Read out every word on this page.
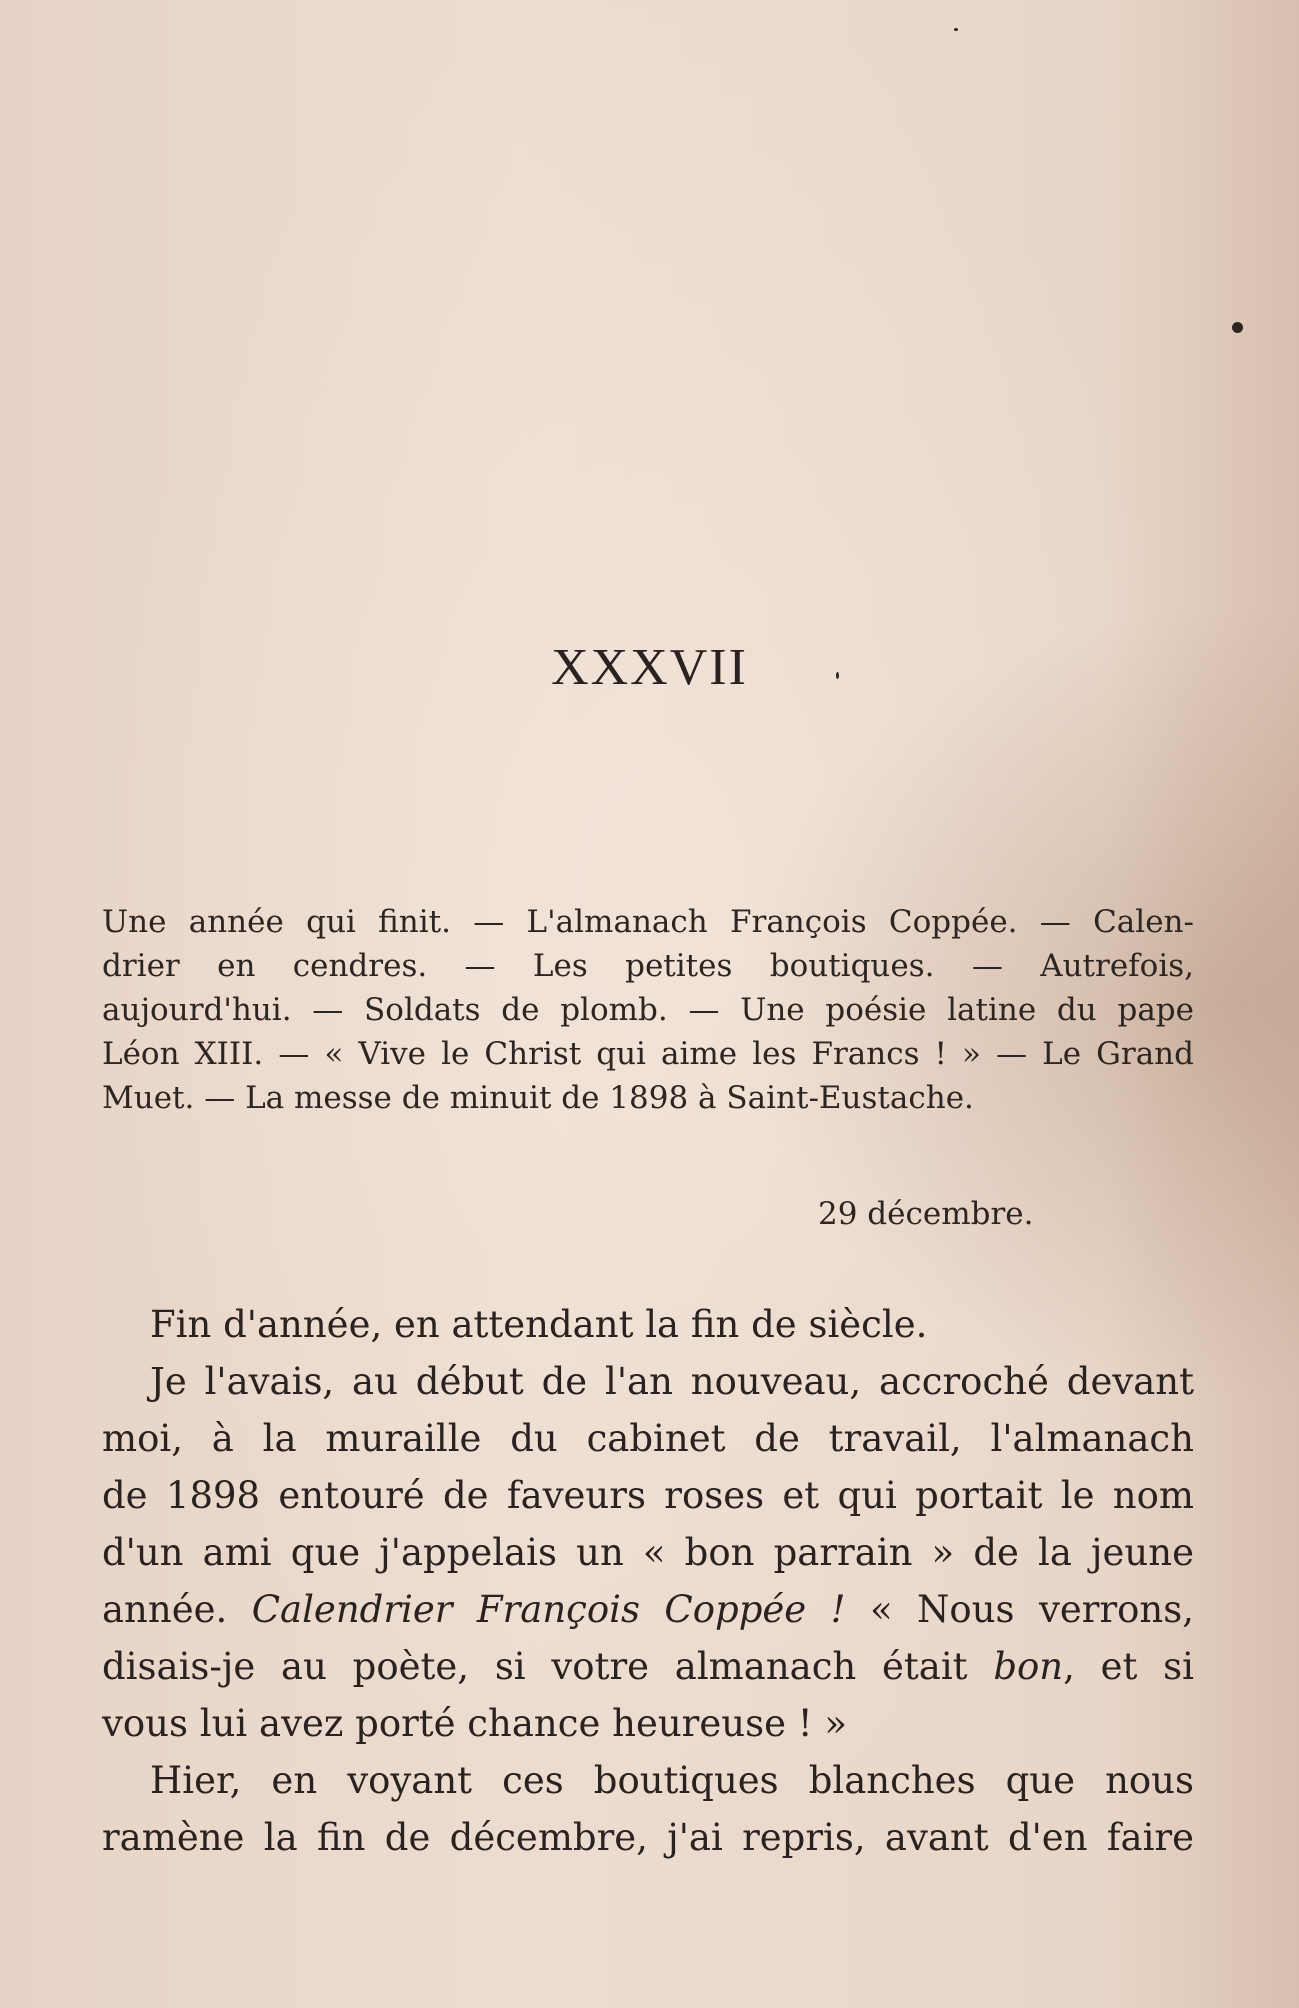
XXXVII
Une année qui finit. — L'almanach François Coppée. — Calen-
drier en cendres. — Les petites boutiques. — Autrefois,
aujourd'hui. — Soldats de plomb. — Une poésie latine du pape
Léon XIII. — « Vive le Christ qui aime les Francs ! » — Le Grand
Muet. — La messe de minuit de 1898 à Saint-Eustache.
29 décembre.
Fin d'année, en attendant la fin de siècle.
Je l'avais, au début de l'an nouveau, accroché devant
moi, à la muraille du cabinet de travail, l'almanach
de 1898 entouré de faveurs roses et qui portait le nom
d'un ami que j'appelais un « bon parrain » de la jeune
année. Calendrier François Coppée ! « Nous verrons,
disais-je au poète, si votre almanach était bon, et si
vous lui avez porté chance heureuse ! »
Hier, en voyant ces boutiques blanches que nous
ramène la fin de décembre, j'ai repris, avant d'en faire
